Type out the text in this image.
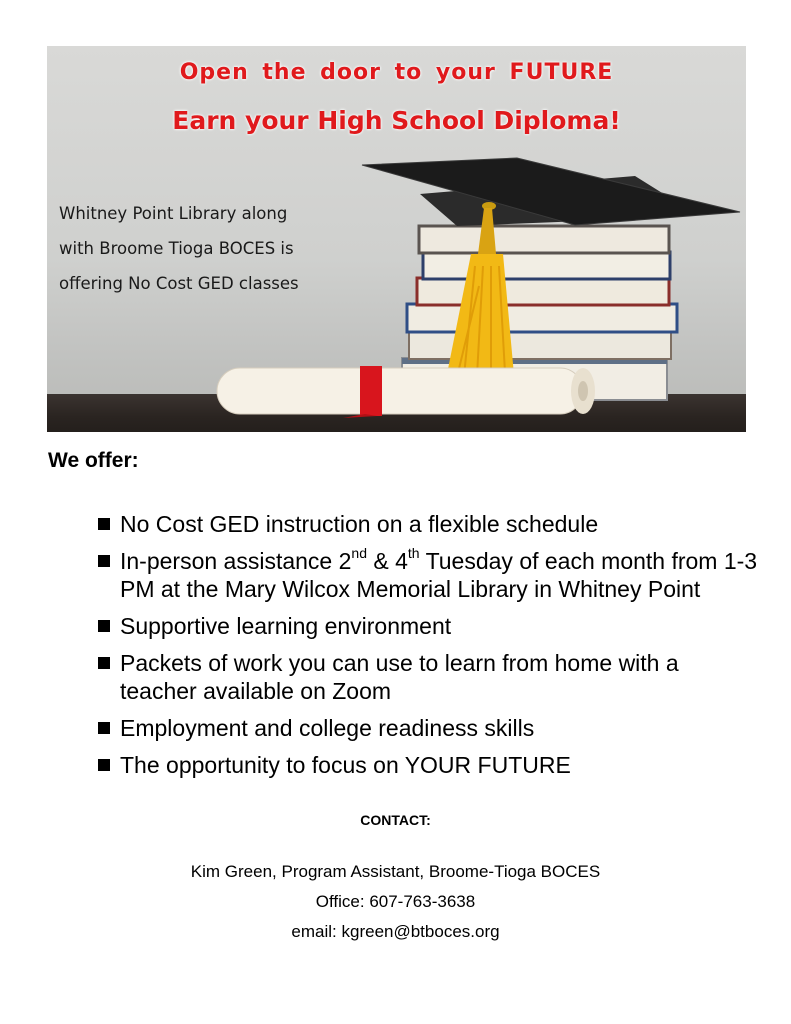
Open the door to your FUTURE
Earn your High School Diploma!
Whitney Point Library along
with Broome Tioga BOCES is
offering No Cost GED classes
We offer:
No Cost GED instruction on a flexible schedule
In-person assistance 2nd & 4th Tuesday of each month from 1-3 PM at the Mary Wilcox Memorial Library in Whitney Point
Supportive learning environment
Packets of work you can use to learn from home with a teacher available on Zoom
Employment and college readiness skills
The opportunity to focus on YOUR FUTURE
CONTACT:
Kim Green, Program Assistant, Broome-Tioga BOCES
Office: 607-763-3638
email: kgreen@btboces.org
